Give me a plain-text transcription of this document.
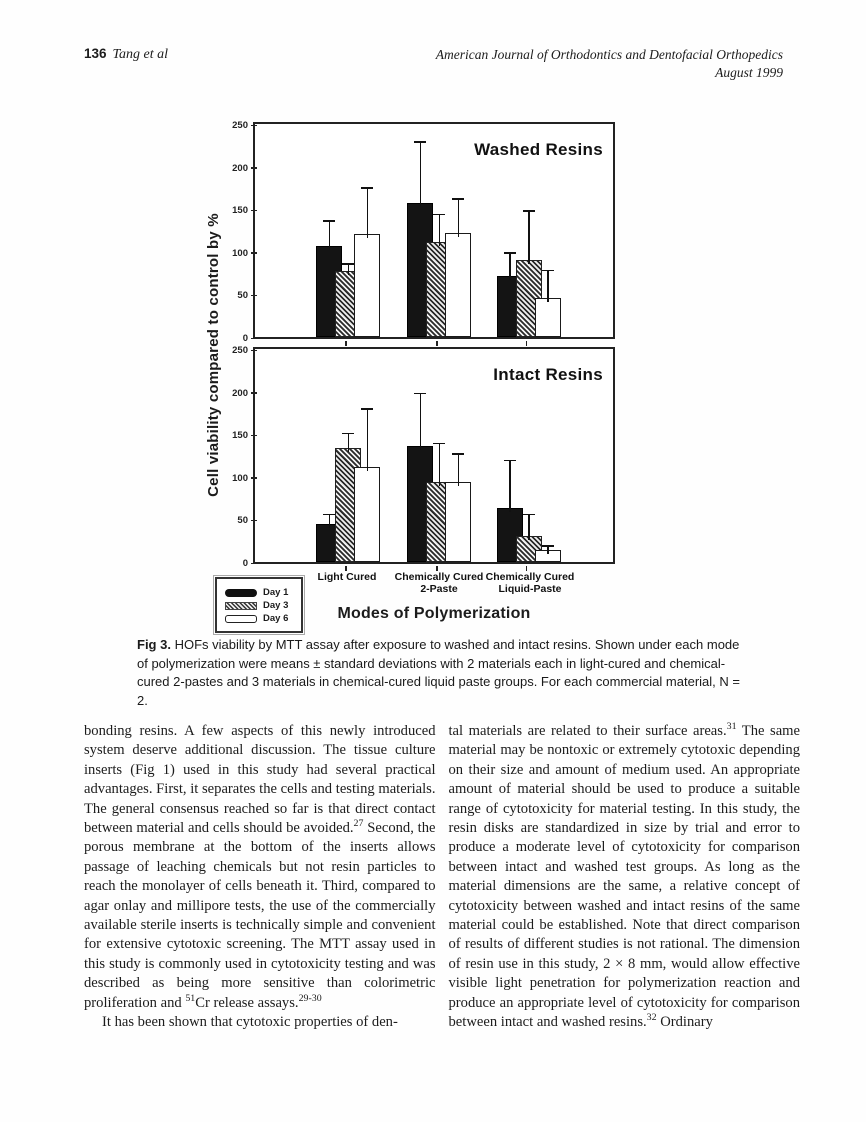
136 Tang et al	American Journal of Orthodontics and Dentofacial Orthopedics
August 1999
Cell viability compared to control by %
Washed Resins
0
50
100
150
200
250
Intact Resins
0
50
100
150
200
250
Light Cured	Chemically Cured
2-Paste
Chemically Cured
Liquid-Paste
Modes of Polymerization
Day 1
Day 3
Day 6
Fig 3. HOFs viability by MTT assay after exposure to washed and intact resins. Shown under each mode of polymerization were means ± standard deviations with 2 materials each in light-cured and chemical-cured 2-pastes and 3 materials in chemical-cured liquid paste groups. For each commercial material, N = 2.

bonding resins. A few aspects of this newly introduced system deserve additional discussion. The tissue culture inserts (Fig 1) used in this study had several practical advantages. First, it separates the cells and testing materials. The general consensus reached so far is that direct contact between material and cells should be avoided.$^{27}$ Second, the porous membrane at the bottom of the inserts allows passage of leaching chemicals but not resin particles to reach the monolayer of cells beneath it. Third, compared to agar onlay and millipore tests, the use of the commercially available sterile inserts is technically simple and convenient for extensive cytotoxic screening. The MTT assay used in this study is commonly used in cytotoxicity testing and was described as being more sensitive than colorimetric proliferation and $^{51}$Cr release assays.$^{29-30}$

It has been shown that cytotoxic properties of den-

tal materials are related to their surface areas.$^{31}$ The same material may be nontoxic or extremely cytotoxic depending on their size and amount of medium used. An appropriate amount of material should be used to produce a suitable range of cytotoxicity for material testing. In this study, the resin disks are standardized in size by trial and error to produce a moderate level of cytotoxicity for comparison between intact and washed test groups. As long as the material dimensions are the same, a relative concept of cytotoxicity between washed and intact resins of the same material could be established. Note that direct comparison of results of different studies is not rational. The dimension of resin use in this study, 2 × 8 mm, would allow effective visible light penetration for polymerization reaction and produce an appropriate level of cytotoxicity for comparison between intact and washed resins.$^{32}$ Ordinary
